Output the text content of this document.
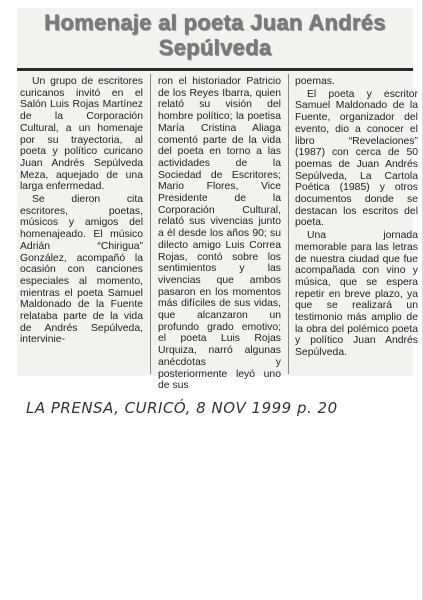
Homenaje al poeta Juan Andrés Sepúlveda

Un grupo de escritores curicanos invitó en el Salón Luis Rojas Martínez de la Corporación Cultural, a un homenaje por su trayectoria, al poeta y político curicano Juan Andrés Sepúlveda Meza, aquejado de una larga enfermedad.

Se dieron cita escritores, poetas, músicos y amigos del homenajeado. El músico Adrián “Chirigua” González, acompañó la ocasión con canciones especiales al momento, mientras el poeta Samuel Maldonado de la Fuente relataba parte de la vida de Andrés Sepúlveda, intervinie-

ron el historiador Patricio de los Reyes Ibarra, quien relató su visión del hombre político; la poetisa María Cristina Aliaga comentó parte de la vida del poeta en torno a las actividades de la Sociedad de Escritores; Mario Flores, Vice Presidente de la Corporación Cultural, relató sus vivencias junto a él desde los años 90; su dilecto amigo Luis Correa Rojas, contó sobre los sentimientos y las vivencias que ambos pasaron en los momentos más difíciles de sus vidas, que alcanzaron un profundo grado emotivo; el poeta Luis Rojas Urquiza, narró algunas anécdotas y posteriormente leyó uno de sus

poemas.

El poeta y escritor Samuel Maldonado de la Fuente, organizador del evento, dio a conocer el libro “Revelaciones” (1987) con cerca de 50 poemas de Juan Andrés Sepúlveda, La Cartola Poética (1985) y otros documentos donde se destacan los escritos del poeta.

Una jornada memorable para las letras de nuestra ciudad que fue acompañada con vino y música, que se espera repetir en breve plazo, ya que se realizará un testimonio más amplio de la obra del polémico poeta y político Juan Andrés Sepúlveda.

LA PRENSA, CURICÓ, 8 NOV 1999 p. 20
